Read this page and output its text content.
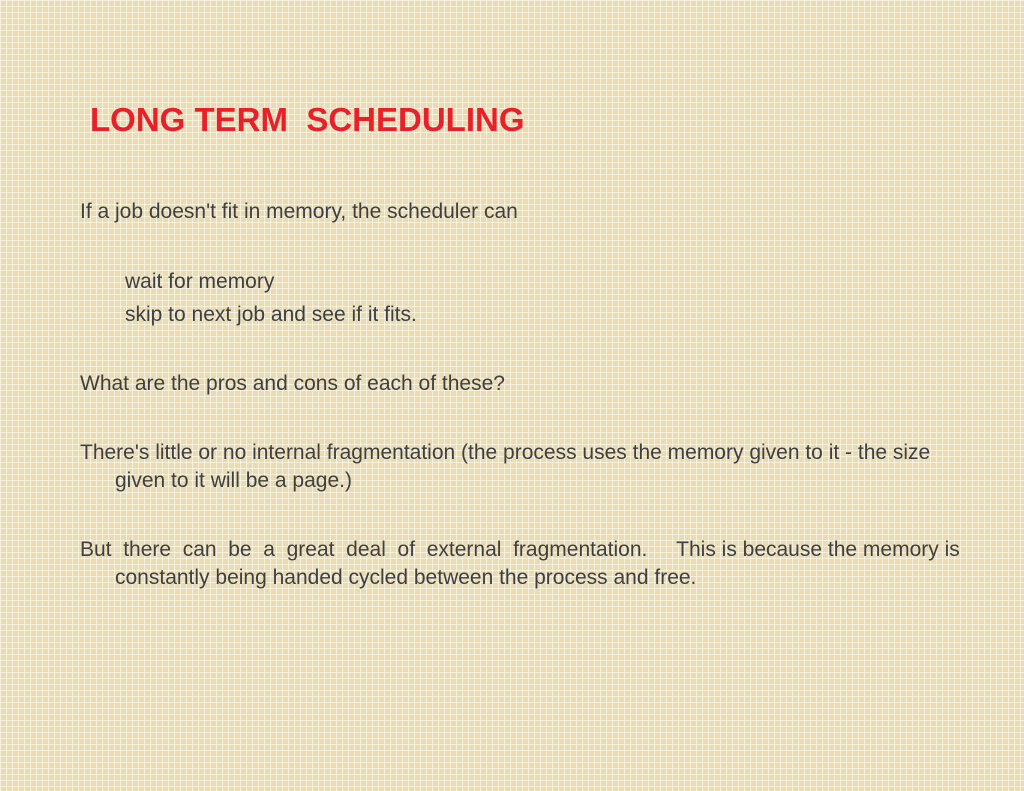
LONG TERM  SCHEDULING

If a job doesn't fit in memory, the scheduler can

wait for memory

skip to next job and see if it fits.

What are the pros and cons of each of these?

There's little or no internal fragmentation (the process uses the memory given to it - the size given to it will be a page.)

But  there  can  be  a  great  deal  of  external  fragmentation. This is because the memory is constantly being handed cycled between the process and free.
